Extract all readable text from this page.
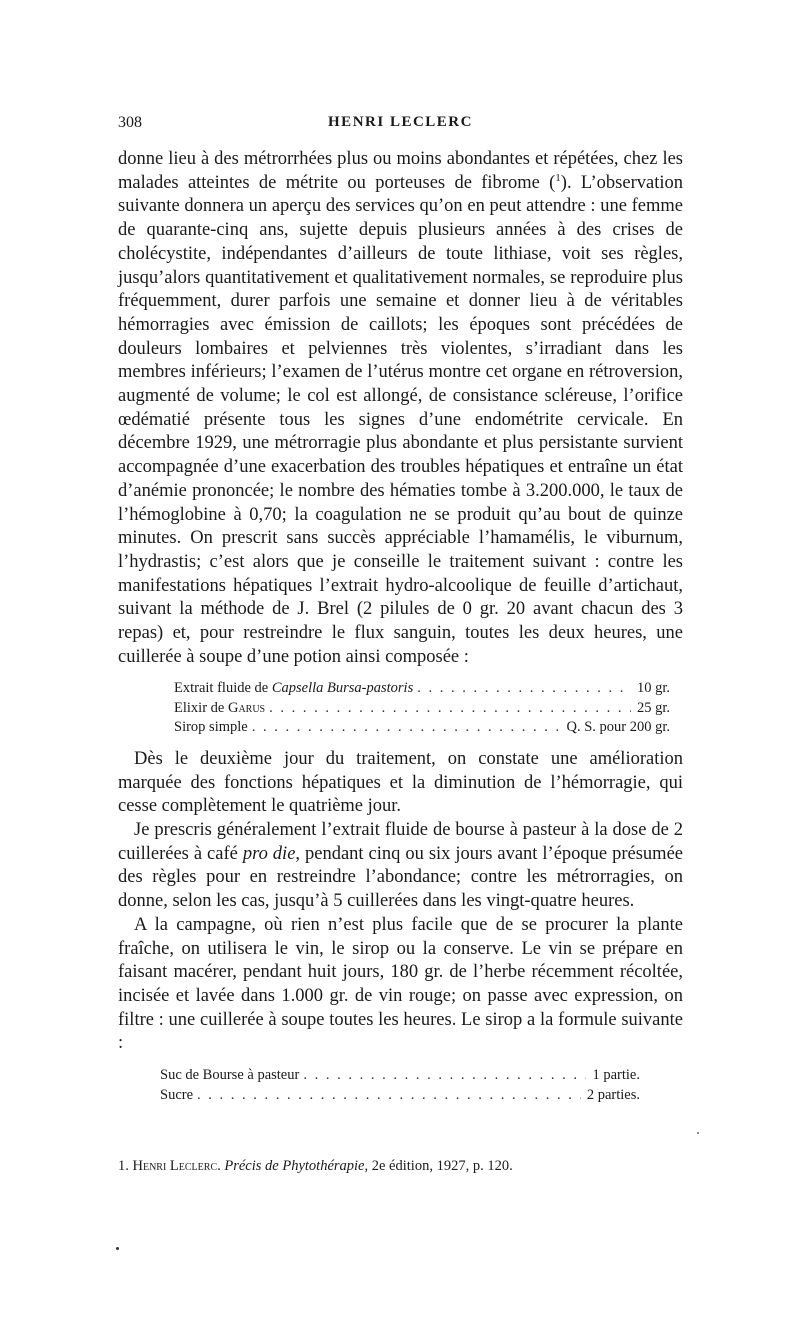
308	HENRI LECLERC

donne lieu à des métrorrhées plus ou moins abondantes et répétées, chez les malades atteintes de métrite ou porteuses de fibrome ($^1$). L’observation suivante donnera un aperçu des services qu’on en peut attendre : une femme de quarante-cinq ans, sujette depuis plusieurs années à des crises de cholécystite, indépendantes d’ailleurs de toute lithiase, voit ses règles, jusqu’alors quantitativement et qualitativement normales, se reproduire plus fréquemment, durer parfois une semaine et donner lieu à de véritables hémorragies avec émission de caillots; les époques sont précédées de douleurs lombaires et pelviennes très violentes, s’irradiant dans les membres inférieurs; l’examen de l’utérus montre cet organe en rétroversion, augmenté de volume; le col est allongé, de consistance scléreuse, l’orifice œdématié présente tous les signes d’une endométrite cervicale. En décembre 1929, une métrorragie plus abondante et plus persistante survient accompagnée d’une exacerbation des troubles hépatiques et entraîne un état d’anémie prononcée; le nombre des hématies tombe à 3.200.000, le taux de l’hémoglobine à 0,70; la coagulation ne se produit qu’au bout de quinze minutes. On prescrit sans succès appréciable l’hamamélis, le viburnum, l’hydrastis; c’est alors que je conseille le traitement suivant : contre les manifestations hépatiques l’extrait hydro-alcoolique de feuille d’artichaut, suivant la méthode de J. Brel (2 pilules de 0 gr. 20 avant chacun des 3 repas) et, pour restreindre le flux sanguin, toutes les deux heures, une cuillerée à soupe d’une potion ainsi composée :

Extrait fluide de Capsella Bursa-pastoris . . .	10 gr.
Elixir de Garus . . .	25 gr.
Sirop simple . . .	Q. S. pour 200 gr.

Dès le deuxième jour du traitement, on constate une amélioration marquée des fonctions hépatiques et la diminution de l’hémorragie, qui cesse complètement le quatrième jour.

Je prescris généralement l’extrait fluide de bourse à pasteur à la dose de 2 cuillerées à café pro die, pendant cinq ou six jours avant l’époque présumée des règles pour en restreindre l’abondance; contre les métrorragies, on donne, selon les cas, jusqu’à 5 cuillerées dans les vingt-quatre heures.

A la campagne, où rien n’est plus facile que de se procurer la plante fraîche, on utilisera le vin, le sirop ou la conserve. Le vin se prépare en faisant macérer, pendant huit jours, 180 gr. de l’herbe récemment récoltée, incisée et lavée dans 1.000 gr. de vin rouge; on passe avec expression, on filtre : une cuillerée à soupe toutes les heures. Le sirop a la formule suivante :

Suc de Bourse à pasteur . . .	1 partie.
Sucre . . .	2 parties.
1. Henri Leclerc. Précis de Phytothérapie, 2e édition, 1927, p. 120.
